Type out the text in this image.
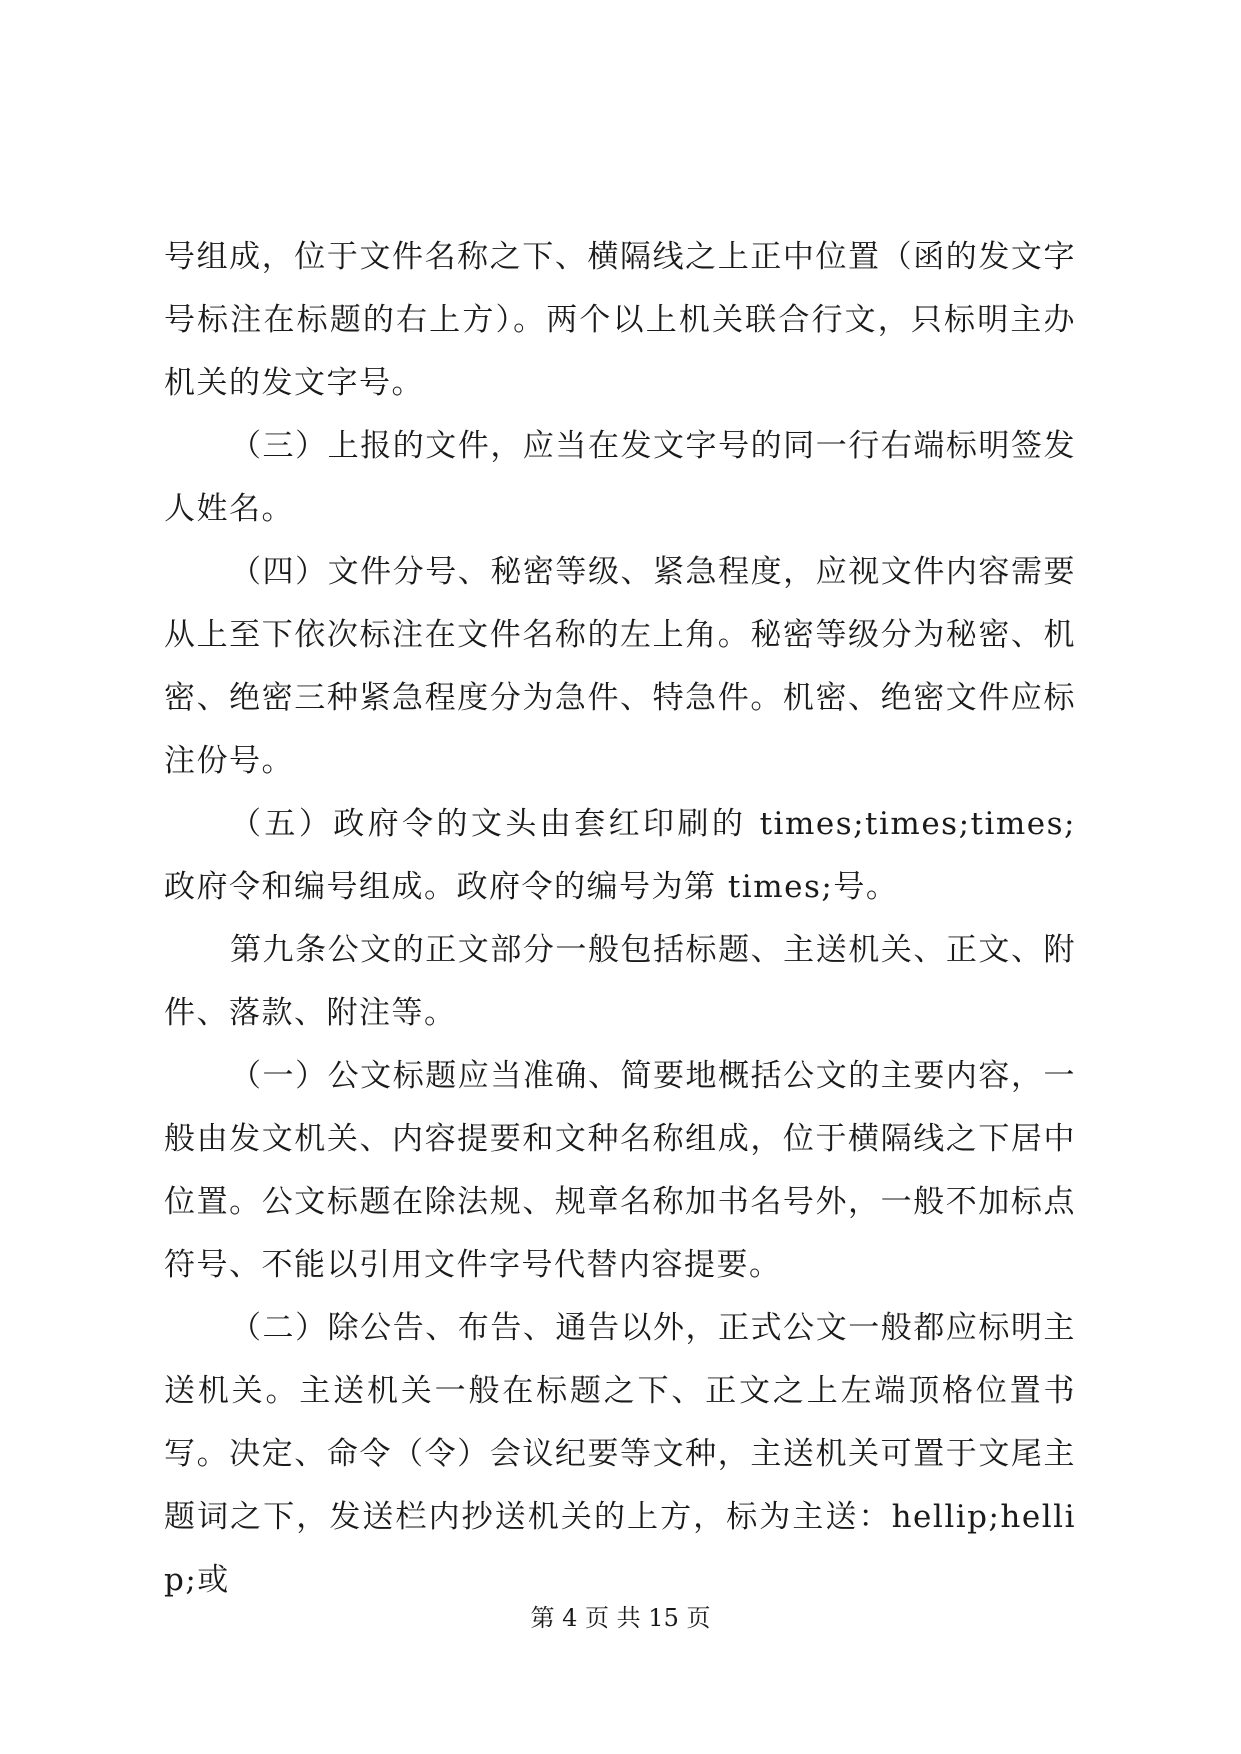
号组成，位于文件名称之下、横隔线之上正中位置（函的发文字号标注在标题的右上方）。两个以上机关联合行文，只标明主办机关的发文字号。

（三）上报的文件，应当在发文字号的同一行右端标明签发人姓名。

（四）文件分号、秘密等级、紧急程度，应视文件内容需要从上至下依次标注在文件名称的左上角。秘密等级分为秘密、机密、绝密三种紧急程度分为急件、特急件。机密、绝密文件应标注份号。

（五）政府令的文头由套红印刷的 times;times;times;政府令和编号组成。政府令的编号为第 times;号。

第九条公文的正文部分一般包括标题、主送机关、正文、附件、落款、附注等。

（一）公文标题应当准确、简要地概括公文的主要内容，一般由发文机关、内容提要和文种名称组成，位于横隔线之下居中位置。公文标题在除法规、规章名称加书名号外，一般不加标点符号、不能以引用文件字号代替内容提要。

（二）除公告、布告、通告以外，正式公文一般都应标明主送机关。主送机关一般在标题之下、正文之上左端顶格位置书写。决定、命令（令）会议纪要等文种，主送机关可置于文尾主题词之下，发送栏内抄送机关的上方，标为主送：hellip;hellip;或

第 4 页 共 15 页
